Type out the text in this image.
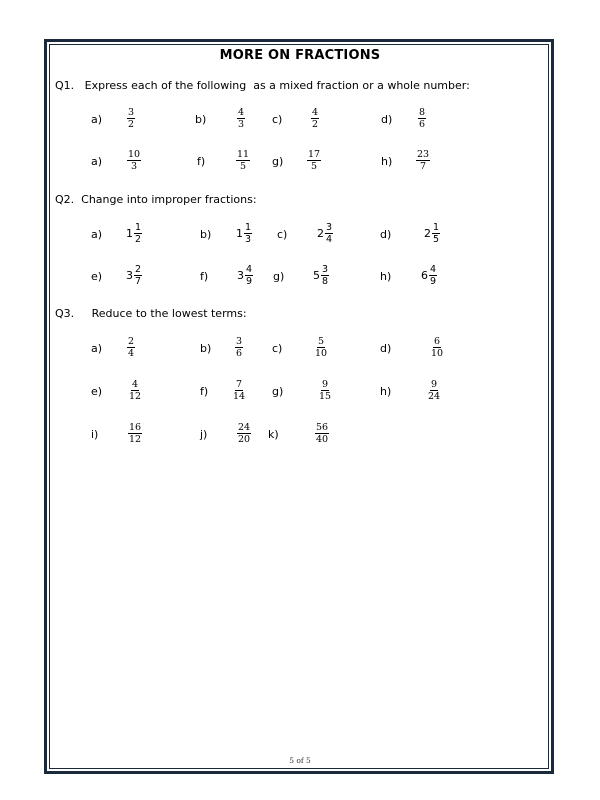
MORE ON FRACTIONS
Q1.   Express each of the following  as a mixed fraction or a whole number:
a)	$\frac{3}{2}$	b)	$\frac{4}{3} c$)	$\frac{4}{2}$	d)	$\frac{8}{6}$
a)	$\frac{10}{3}$	f)	$\frac{11}{5} g) \frac{17}{5}$	$h) \frac{23}{7}$
Q2.  Change into improper fractions:
a) $1 \frac{1}{2}$	b) $1 \frac{1}{3} c$)	$2 \frac{3}{4}$	d)	$2 \frac{1}{5}$
e) $3 \frac{2}{7}$	f)	$3 \frac{4}{9} g$)	$5 \frac{3}{8}$	h)	$6 \frac{4}{9}$
Q3.     Reduce to the lowest terms:
a)	$\frac{2}{4}$	$b) \frac{3}{6}$	c)	$\frac{5}{10}$	d)	$\frac{6}{10}$
e)	$\frac{4}{12}$	f)	$\frac{7}{14} g$)	$\frac{9}{15}$	h)	$\frac{9}{24}$
i)	$\frac{16}{12}$	j)	$\frac{24}{20} k$)	$\frac{56}{40}$
5 of 5
